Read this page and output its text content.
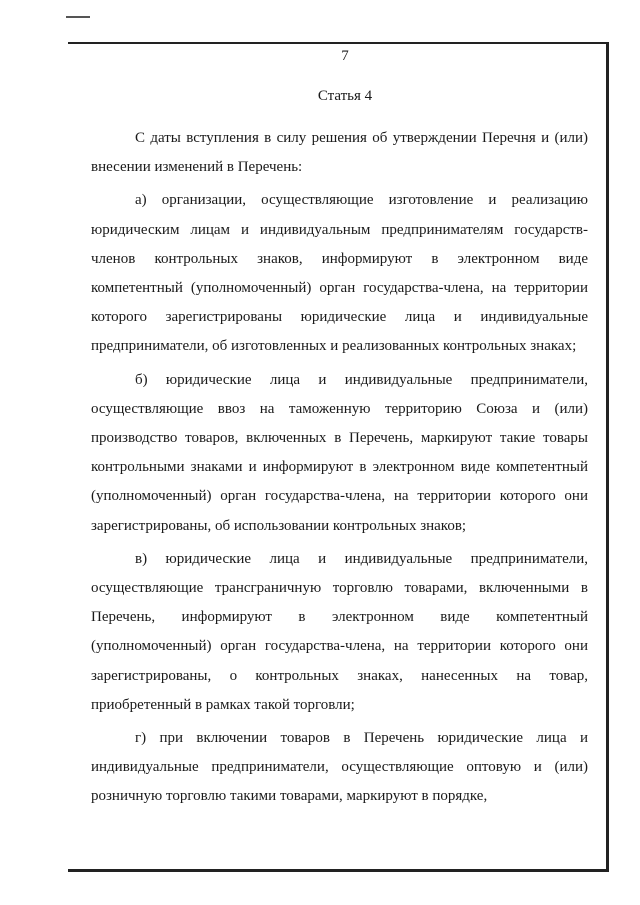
7
Статья 4

С даты вступления в силу решения об утверждении Перечня и (или) внесении изменений в Перечень:

а) организации, осуществляющие изготовление и реализацию юридическим лицам и индивидуальным предпринимателям государств-членов контрольных знаков, информируют в электронном виде компетентный (уполномоченный) орган государства-члена, на территории которого зарегистрированы юридические лица и индивидуальные предприниматели, об изготовленных и реализованных контрольных знаках;

б) юридические лица и индивидуальные предприниматели, осуществляющие ввоз на таможенную территорию Союза и (или) производство товаров, включенных в Перечень, маркируют такие товары контрольными знаками и информируют в электронном виде компетентный (уполномоченный) орган государства-члена, на территории которого они зарегистрированы, об использовании контрольных знаков;

в) юридические лица и индивидуальные предприниматели, осуществляющие трансграничную торговлю товарами, включенными в Перечень, информируют в электронном виде компетентный (уполномоченный) орган государства-члена, на территории которого они зарегистрированы, о контрольных знаках, нанесенных на товар, приобретенный в рамках такой торговли;

г) при включении товаров в Перечень юридические лица и индивидуальные предприниматели, осуществляющие оптовую и (или) розничную торговлю такими товарами, маркируют в порядке,
